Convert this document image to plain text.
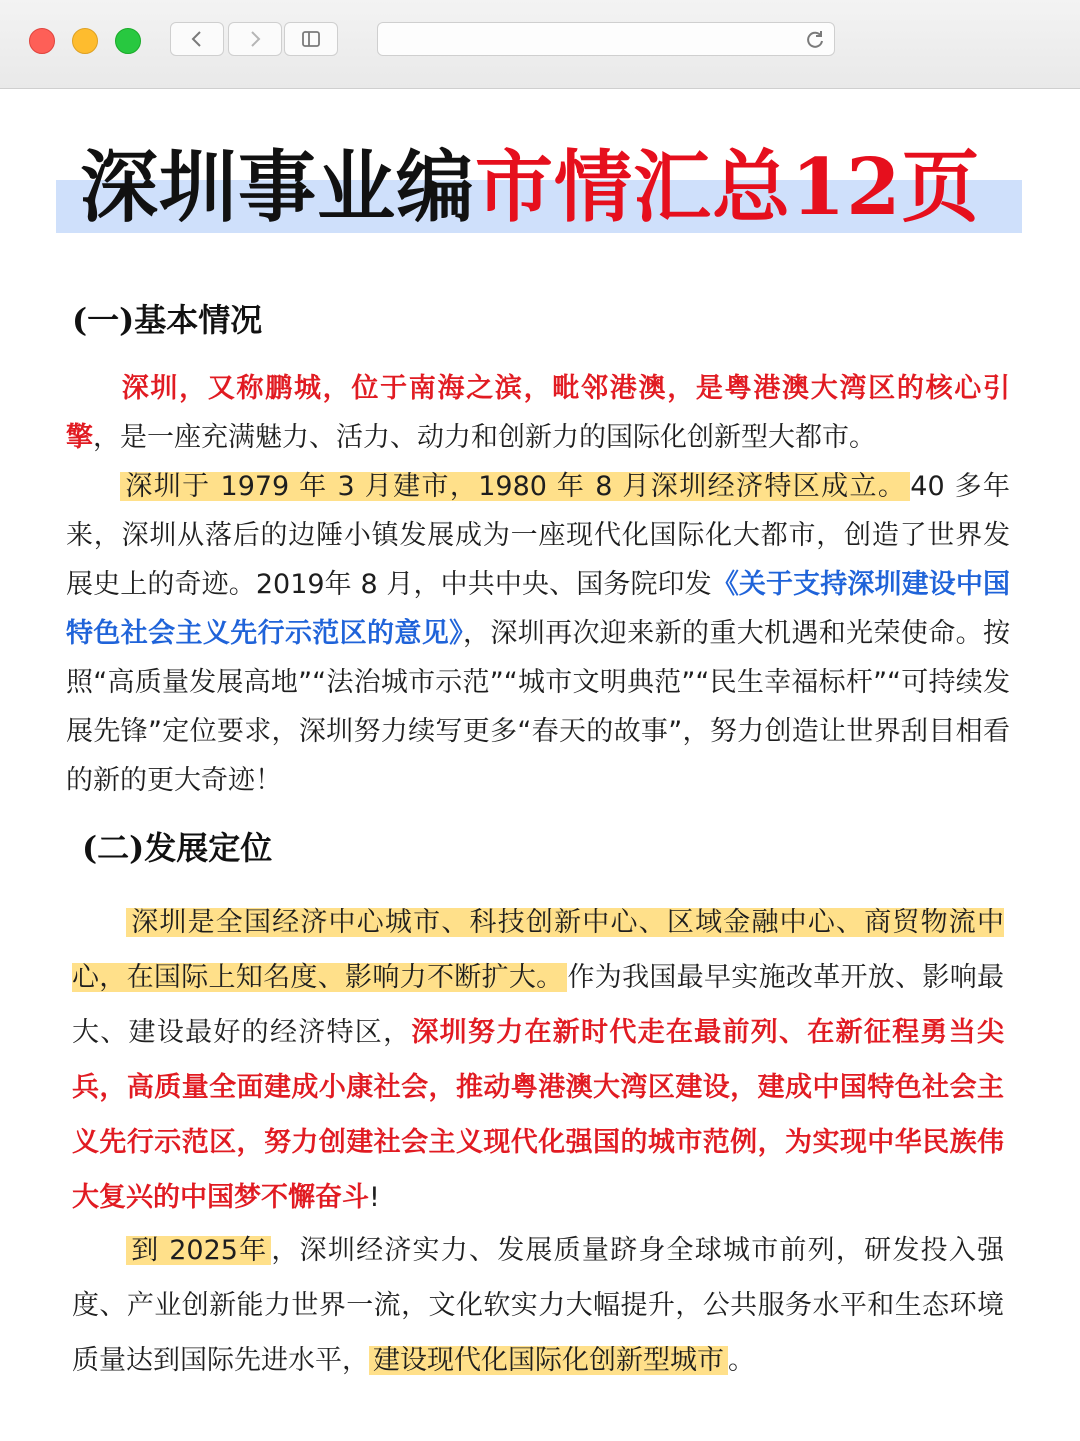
深圳事业编市情汇总12页
(一)基本情况

深圳，又称鹏城，位于南海之滨，毗邻港澳，是粤港澳大湾区的核心引擎，是一座充满魅力、活力、动力和创新力的国际化创新型大都市。

深圳于 1979 年 3 月建市，1980 年 8 月深圳经济特区成立。 40 多年来，深圳从落后的边陲小镇发展成为一座现代化国际化大都市，创造了世界发展史上的奇迹。2019年 8 月，中共中央、国务院印发《关于支持深圳建设中国特色社会主义先行示范区的意见》，深圳再次迎来新的重大机遇和光荣使命。按照“高质量发展高地”“法治城市示范”“城市文明典范”“民生幸福标杆”“可持续发展先锋”定位要求，深圳努力续写更多“春天的故事”，努力创造让世界刮目相看的新的更大奇迹！

(二)发展定位

深圳是全国经济中心城市、科技创新中心、区域金融中心、商贸物流中心，在国际上知名度、影响力不断扩大。 作为我国最早实施改革开放、影响最大、建设最好的经济特区，深圳努力在新时代走在最前列、在新征程勇当尖兵，高质量全面建成小康社会，推动粤港澳大湾区建设，建成中国特色社会主义先行示范区，努力创建社会主义现代化强国的城市范例，为实现中华民族伟大复兴的中国梦不懈奋斗!

到 2025年 ，深圳经济实力、发展质量跻身全球城市前列，研发投入强度、产业创新能力世界一流，文化软实力大幅提升，公共服务水平和生态环境质量达到国际先进水平， 建设现代化国际化创新型城市 。
